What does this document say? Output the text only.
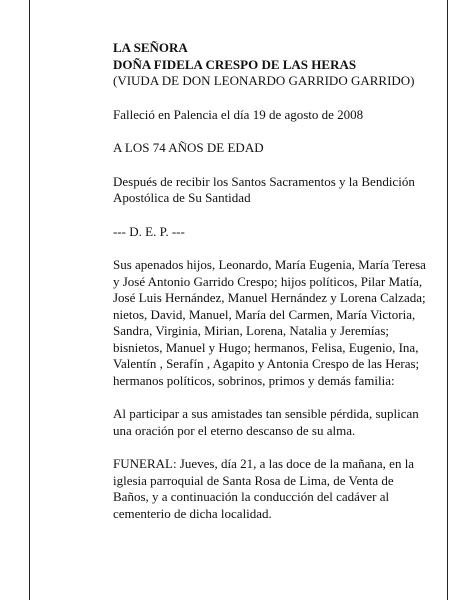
LA SEÑORA
DOÑA FIDELA CRESPO DE LAS HERAS
(VIUDA DE DON LEONARDO GARRIDO GARRIDO)

Falleció en Palencia el día 19 de agosto de 2008

A LOS 74 AÑOS DE EDAD

Después de recibir los Santos Sacramentos y la Bendición Apostólica de Su Santidad

--- D. E. P. ---

Sus apenados hijos, Leonardo, María Eugenia, María Teresa y José Antonio Garrido Crespo; hijos políticos, Pilar Matía, José Luis Hernández, Manuel Hernández y Lorena Calzada; nietos, David, Manuel, María del Carmen, María Victoria, Sandra, Virginia, Mirian, Lorena, Natalia y Jeremías; bisnietos, Manuel y Hugo; hermanos, Felisa, Eugenio, Ina, Valentín , Serafín , Agapito y Antonia Crespo de las Heras; hermanos políticos, sobrinos, primos y demás familia:

Al participar a sus amistades tan sensible pérdida, suplican una oración por el eterno descanso de su alma.

FUNERAL: Jueves, día 21, a las doce de la mañana, en la iglesia parroquial de Santa Rosa de Lima, de Venta de Baños, y a continuación la conducción del cadáver al cementerio de dicha localidad.
